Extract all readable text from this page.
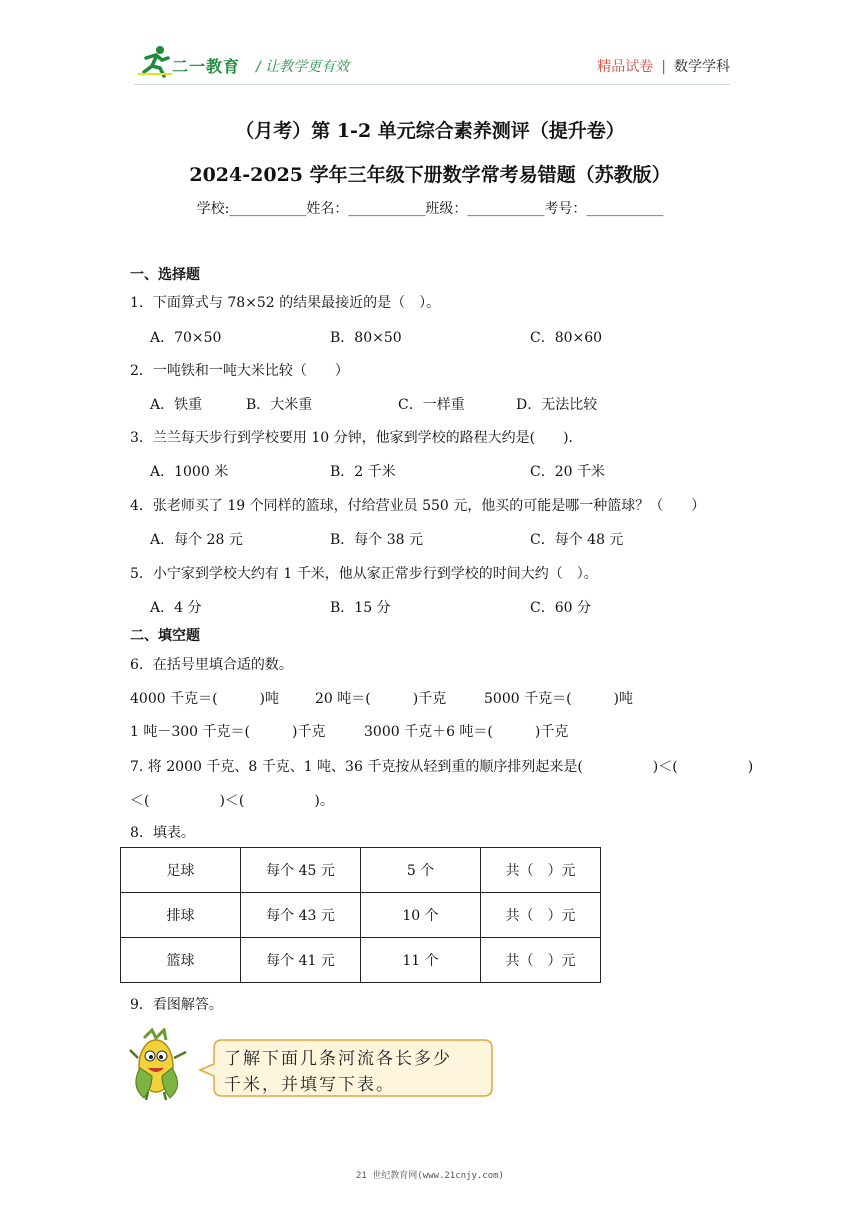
二一教育 / 让教学更有效	精品试卷 | 数学学科
（月考）第 1-2 单元综合素养测评（提升卷）
2024-2025 学年三年级下册数学常考易错题（苏教版）
学校:___________姓名：___________班级：___________考号：___________
一、选择题
1．下面算式与 78×52 的结果最接近的是（　）。
A．70×50	B．80×50	C．80×60
2．一吨铁和一吨大米比较（　　）
A．铁重	B．大米重	C．一样重	D．无法比较
3．兰兰每天步行到学校要用 10 分钟，他家到学校的路程大约是(　　)．
A．1000 米	B．2 千米	C．20 千米
4．张老师买了 19 个同样的篮球，付给营业员 550 元，他买的可能是哪一种篮球？（　　）
A．每个 28 元	B．每个 38 元	C．每个 48 元
5．小宁家到学校大约有 1 千米，他从家正常步行到学校的时间大约（　）。
A．4 分	B．15 分	C．60 分
二、填空题
6．在括号里填合适的数。
4000 千克＝(　　　)吨	20 吨＝(　　　)千克	5000 千克＝(　　　)吨
1 吨－300 千克＝(　　　)千克	3000 千克＋6 吨＝(　　　)千克
7. 将 2000 千克、8 千克、1 吨、36 千克按从轻到重的顺序排列起来是(　　　　　)＜(　　　　　)
＜(　　　　　)＜(　　　　　)。
8．填表。
足球	每个 45 元	5 个	共（　）元
排球	每个 43 元	10 个	共（　）元
篮球	每个 41 元	11 个	共（　）元
9．看图解答。
了解下面几条河流各长多少
千米，并填写下表。
21 世纪教育网(www.21cnjy.com)
